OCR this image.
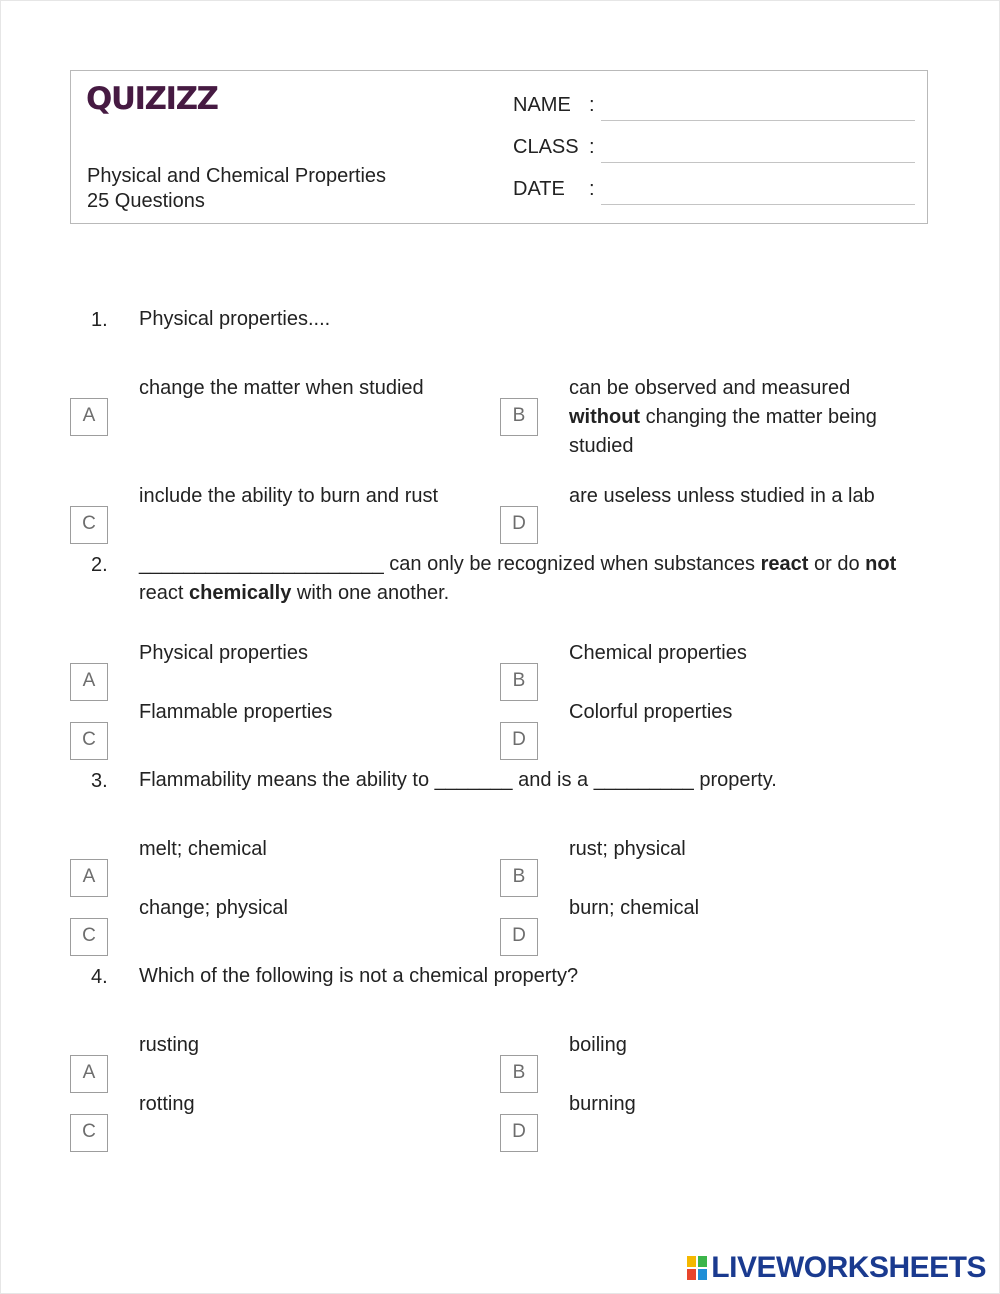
QUIZIZZ
Physical and Chemical Properties
25 Questions
NAME :
CLASS :
DATE :
1. Physical properties....
A
change the matter when studied
B
can be observed and measured without changing the matter being studied
C
include the ability to burn and rust
D
are useless unless studied in a lab
2. ______________________ can only be recognized when substances react or do not react chemically with one another.
A
Physical properties
B
Chemical properties
C
Flammable properties
D
Colorful properties
3. Flammability means the ability to _______ and is a _________ property.
A
melt; chemical
B
rust; physical
C
change; physical
D
burn; chemical
4. Which of the following is not a chemical property?
A
rusting
B
boiling
C
rotting
D
burning
LIVEWORKSHEETS
